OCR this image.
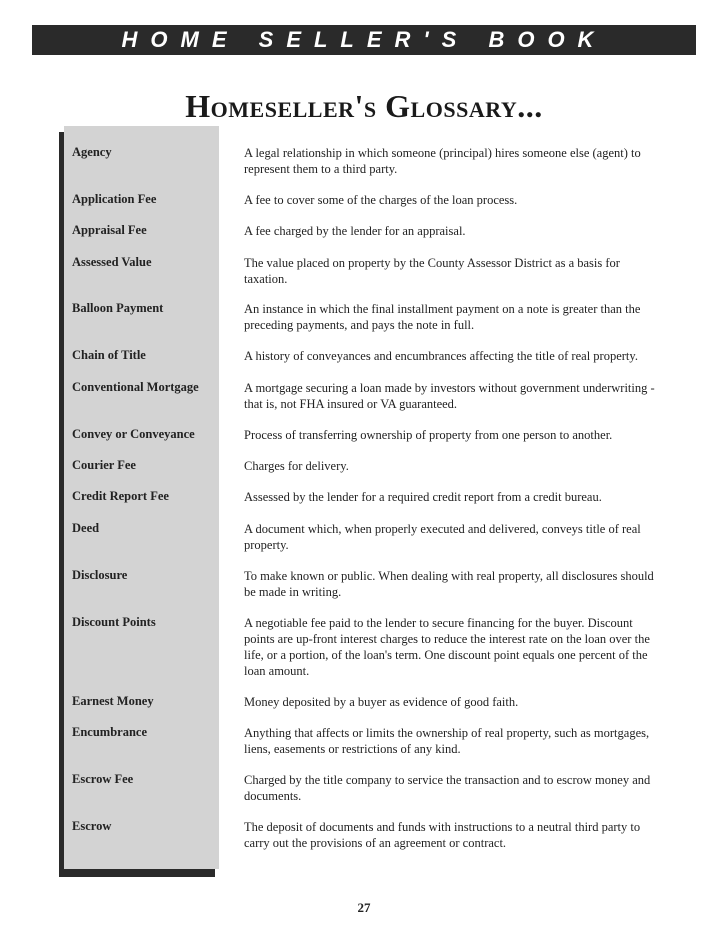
HOME SELLER'S BOOK
Homeseller's Glossary...
Agency	A legal relationship in which someone (principal) hires someone else (agent) to represent them to a third party.
Application Fee	A fee to cover some of the charges of the loan process.
Appraisal Fee	A fee charged by the lender for an appraisal.
Assessed Value	The value placed on property by the County Assessor District as a basis for taxation.
Balloon Payment	An instance in which the final installment payment on a note is greater than the preceding payments, and pays the note in full.
Chain of Title	A history of conveyances and encumbrances affecting the title of real property.
Conventional Mortgage	A mortgage securing a loan made by investors without government underwriting - that is, not FHA insured or VA guaranteed.
Convey or Conveyance	Process of transferring ownership of property from one person to another.
Courier Fee	Charges for delivery.
Credit Report Fee	Assessed by the lender for a required credit report from a credit bureau.
Deed	A document which, when properly executed and delivered, conveys title of real property.
Disclosure	To make known or public. When dealing with real property, all disclosures should be made in writing.
Discount Points	A negotiable fee paid to the lender to secure financing for the buyer. Discount points are up-front interest charges to reduce the interest rate on the loan over the life, or a portion, of the loan's term. One discount point equals one percent of the loan amount.
Earnest Money	Money deposited by a buyer as evidence of good faith.
Encumbrance	Anything that affects or limits the ownership of real property, such as mortgages, liens, easements or restrictions of any kind.
Escrow Fee	Charged by the title company to service the transaction and to escrow money and documents.
Escrow	The deposit of documents and funds with instructions to a neutral third party to carry out the provisions of an agreement or contract.
27
